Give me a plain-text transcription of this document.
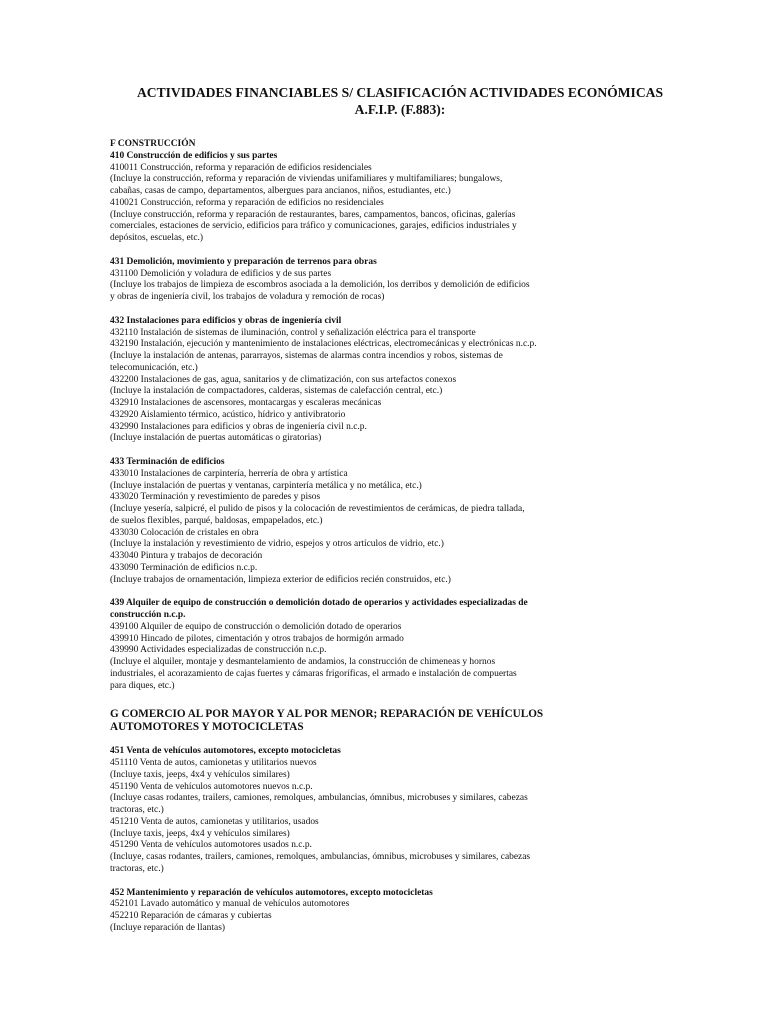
ACTIVIDADES FINANCIABLES S/ CLASIFICACIÓN ACTIVIDADES ECONÓMICAS
A.F.I.P. (F.883):
F CONSTRUCCIÓN
410 Construcción de edificios y sus partes
410011 Construcción, reforma y reparación de edificios residenciales
(Incluye la construcción, reforma y reparación de viviendas unifamiliares y multifamiliares; bungalows,
cabañas, casas de campo, departamentos, albergues para ancianos, niños, estudiantes, etc.)
410021 Construcción, reforma y reparación de edificios no residenciales
(Incluye construcción, reforma y reparación de restaurantes, bares, campamentos, bancos, oficinas, galerías
comerciales, estaciones de servicio, edificios para tráfico y comunicaciones, garajes, edificios industriales y
depósitos, escuelas, etc.)
431 Demolición, movimiento y preparación de terrenos para obras
431100 Demolición y voladura de edificios y de sus partes
(Incluye los trabajos de limpieza de escombros asociada a la demolición, los derribos y demolición de edificios
y obras de ingeniería civil, los trabajos de voladura y remoción de rocas)
432 Instalaciones para edificios y obras de ingeniería civil
432110 Instalación de sistemas de iluminación, control y señalización eléctrica para el transporte
432190 Instalación, ejecución y mantenimiento de instalaciones eléctricas, electromecánicas y electrónicas n.c.p.
(Incluye la instalación de antenas, pararrayos, sistemas de alarmas contra incendios y robos, sistemas de
telecomunicación, etc.)
432200 Instalaciones de gas, agua, sanitarios y de climatización, con sus artefactos conexos
(Incluye la instalación de compactadores, calderas, sistemas de calefacción central, etc.)
432910 Instalaciones de ascensores, montacargas y escaleras mecánicas
432920 Aislamiento térmico, acústico, hídrico y antivibratorio
432990 Instalaciones para edificios y obras de ingeniería civil n.c.p.
(Incluye instalación de puertas automáticas o giratorias)
433 Terminación de edificios
433010 Instalaciones de carpintería, herrería de obra y artística
(Incluye instalación de puertas y ventanas, carpintería metálica y no metálica, etc.)
433020 Terminación y revestimiento de paredes y pisos
(Incluye yesería, salpicré, el pulido de pisos y la colocación de revestimientos de cerámicas, de piedra tallada,
de suelos flexibles, parqué, baldosas, empapelados, etc.)
433030 Colocación de cristales en obra
(Incluye la instalación y revestimiento de vidrio, espejos y otros artículos de vidrio, etc.)
433040 Pintura y trabajos de decoración
433090 Terminación de edificios n.c.p.
(Incluye trabajos de ornamentación, limpieza exterior de edificios recién construidos, etc.)
439 Alquiler de equipo de construcción o demolición dotado de operarios y actividades especializadas de
construcción n.c.p.
439100 Alquiler de equipo de construcción o demolición dotado de operarios
439910 Hincado de pilotes, cimentación y otros trabajos de hormigón armado
439990 Actividades especializadas de construcción n.c.p.
(Incluye el alquiler, montaje y desmantelamiento de andamios, la construcción de chimeneas y hornos
industriales, el acorazamiento de cajas fuertes y cámaras frigoríficas, el armado e instalación de compuertas
para diques, etc.)
G COMERCIO AL POR MAYOR Y AL POR MENOR; REPARACIÓN DE VEHÍCULOS
AUTOMOTORES Y MOTOCICLETAS
451 Venta de vehículos automotores, excepto motocicletas
451110 Venta de autos, camionetas y utilitarios nuevos
(Incluye taxis, jeeps, 4x4 y vehículos similares)
451190 Venta de vehículos automotores nuevos n.c.p.
(Incluye casas rodantes, trailers, camiones, remolques, ambulancias, ómnibus, microbuses y similares, cabezas
tractoras, etc.)
451210 Venta de autos, camionetas y utilitarios, usados
(Incluye taxis, jeeps, 4x4 y vehículos similares)
451290 Venta de vehículos automotores usados n.c.p.
(Incluye, casas rodantes, trailers, camiones, remolques, ambulancias, ómnibus, microbuses y similares, cabezas
tractoras, etc.)
452 Mantenimiento y reparación de vehículos automotores, excepto motocicletas
452101 Lavado automático y manual de vehículos automotores
452210 Reparación de cámaras y cubiertas
(Incluye reparación de llantas)
